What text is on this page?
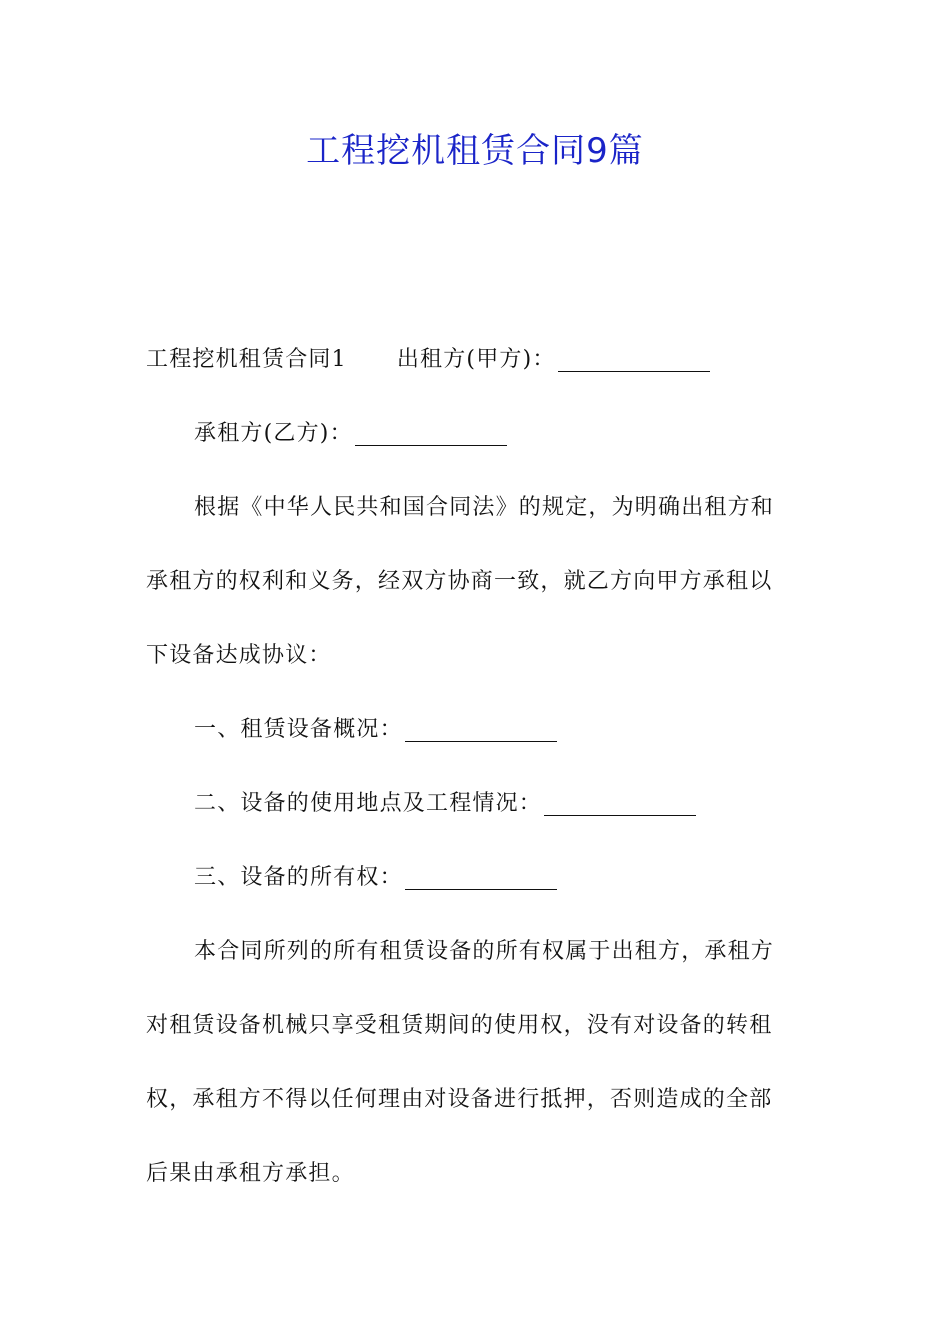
工程挖机租赁合同9篇
工程挖机租赁合同1 出租方(甲方)：
承租方(乙方)：
根据《中华人民共和国合同法》的规定，为明确出租方和
承租方的权利和义务，经双方协商一致，就乙方向甲方承租以
下设备达成协议：
一、租赁设备概况：
二、设备的使用地点及工程情况：
三、设备的所有权：
本合同所列的所有租赁设备的所有权属于出租方，承租方
对租赁设备机械只享受租赁期间的使用权，没有对设备的转租
权，承租方不得以任何理由对设备进行抵押，否则造成的全部
后果由承租方承担。
